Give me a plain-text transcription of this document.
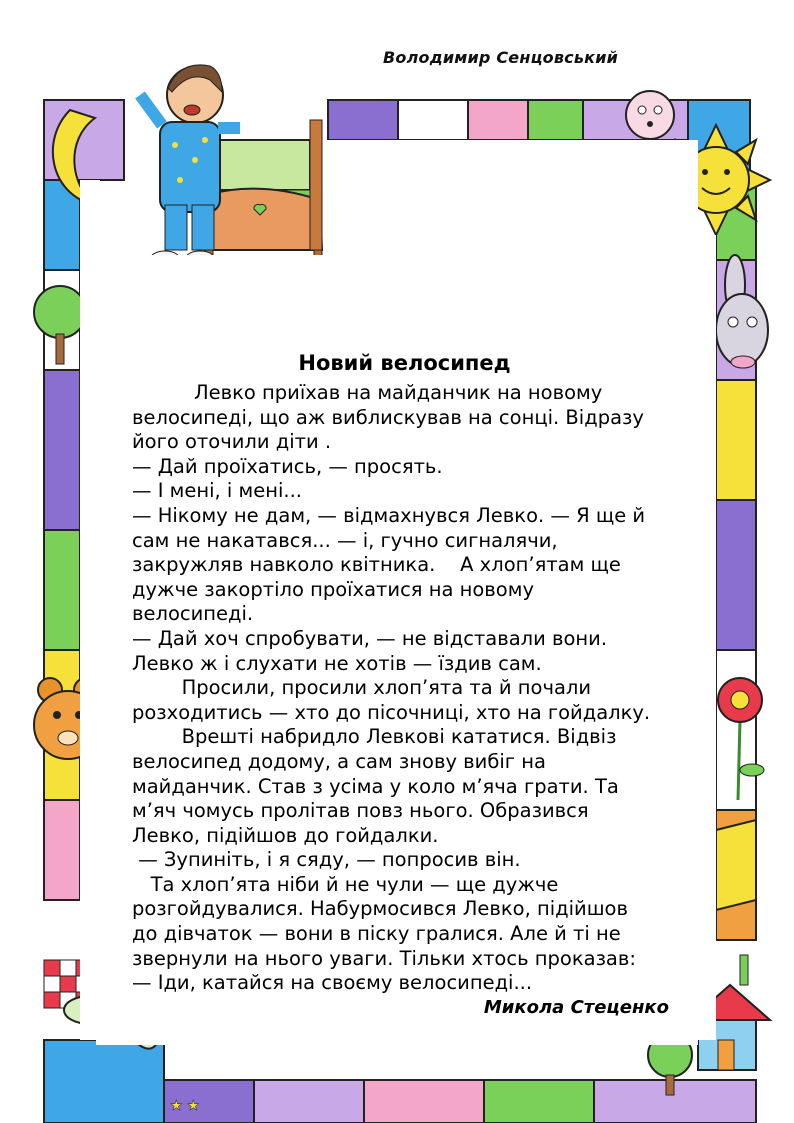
Володимир Сенцовський
★ ★
Новий велосипед
Левко приїхав на майданчик на новому
велосипеді, що аж виблискував на сонці. Відразу
його оточили діти .
— Дай проїхатись, — просять.
— І мені, і мені...
— Нікому не дам, — відмахнувся Левко. — Я ще й
сам не накатався... — і, гучно сигналячи,
закружляв навколо квітника.    А хлоп’ятам ще
дужче закортіло проїхатися на новому
велосипеді.
— Дай хоч спробувати, — не відставали вони.
Левко ж і слухати не хотів — їздив сам.
Просили, просили хлоп’ята та й почали
розходитись — хто до пісочниці, хто на гойдалку.
Врешті набридло Левкові кататися. Відвіз
велосипед додому, а сам знову вибіг на
майданчик. Став з усіма у коло м’яча грати. Та
м’яч чомусь пролітав повз нього. Образився
Левко, підійшов до гойдалки.
— Зупиніть, і я сяду, — попросив він.
Та хлоп’ята ніби й не чули — ще дужче
розгойдувалися. Набурмосився Левко, підійшов
до дівчаток — вони в піску гралися. Але й ті не
звернули на нього уваги. Тільки хтось проказав:
— Іди, катайся на своєму велосипеді...
Микола Стеценко
